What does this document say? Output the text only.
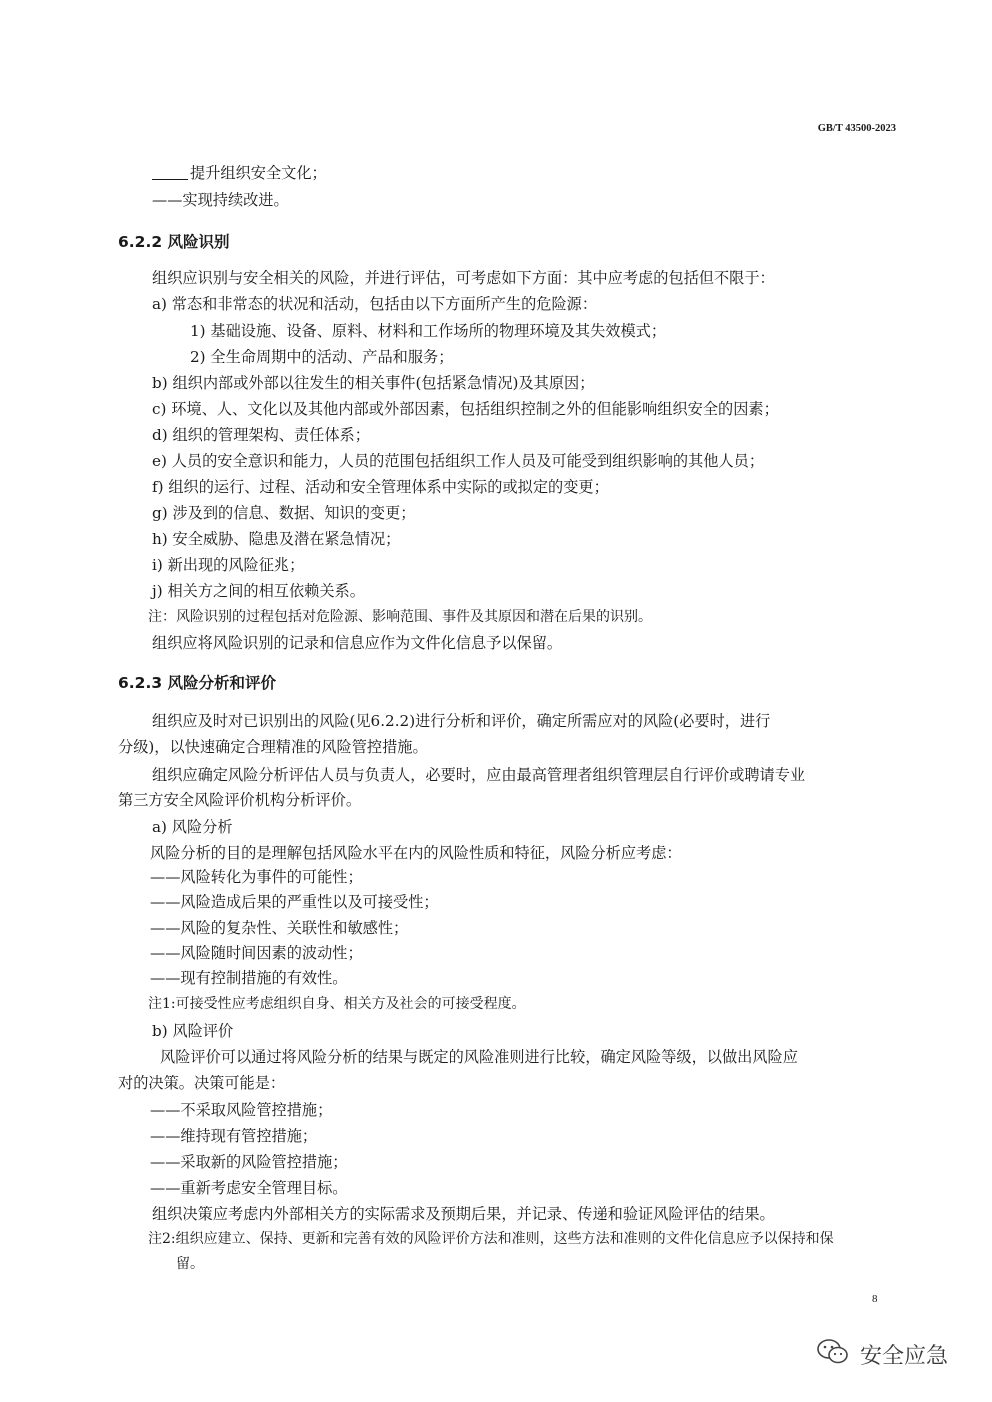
GB/T 43500-2023
提升组织安全文化；
——实现持续改进。
6.2.2 风险识别
组织应识别与安全相关的风险，并进行评估，可考虑如下方面：其中应考虑的包括但不限于：
a) 常态和非常态的状况和活动，包括由以下方面所产生的危险源：
1) 基础设施、设备、原料、材料和工作场所的物理环境及其失效模式；
2) 全生命周期中的活动、产品和服务；
b) 组织内部或外部以往发生的相关事件(包括紧急情况)及其原因；
c) 环境、人、文化以及其他内部或外部因素，包括组织控制之外的但能影响组织安全的因素；
d) 组织的管理架构、责任体系；
e) 人员的安全意识和能力，人员的范围包括组织工作人员及可能受到组织影响的其他人员；
f) 组织的运行、过程、活动和安全管理体系中实际的或拟定的变更；
g) 涉及到的信息、数据、知识的变更；
h) 安全威胁、隐患及潜在紧急情况；
i) 新出现的风险征兆；
j) 相关方之间的相互依赖关系。
注：风险识别的过程包括对危险源、影响范围、事件及其原因和潜在后果的识别。
组织应将风险识别的记录和信息应作为文件化信息予以保留。
6.2.3 风险分析和评价
组织应及时对已识别出的风险(见6.2.2)进行分析和评价，确定所需应对的风险(必要时，进行
分级)，以快速确定合理精准的风险管控措施。
组织应确定风险分析评估人员与负责人，必要时，应由最高管理者组织管理层自行评价或聘请专业
第三方安全风险评价机构分析评价。
a) 风险分析
风险分析的目的是理解包括风险水平在内的风险性质和特征，风险分析应考虑：
——风险转化为事件的可能性；
——风险造成后果的严重性以及可接受性；
——风险的复杂性、关联性和敏感性；
——风险随时间因素的波动性；
——现有控制措施的有效性。
注1:可接受性应考虑组织自身、相关方及社会的可接受程度。
b) 风险评价
风险评价可以通过将风险分析的结果与既定的风险准则进行比较，确定风险等级，以做出风险应
对的决策。决策可能是：
——不采取风险管控措施；
——维持现有管控措施；
——采取新的风险管控措施；
——重新考虑安全管理目标。
组织决策应考虑内外部相关方的实际需求及预期后果，并记录、传递和验证风险评估的结果。
注2:组织应建立、保持、更新和完善有效的风险评价方法和准则，这些方法和准则的文件化信息应予以保持和保
留。
8
安全应急
